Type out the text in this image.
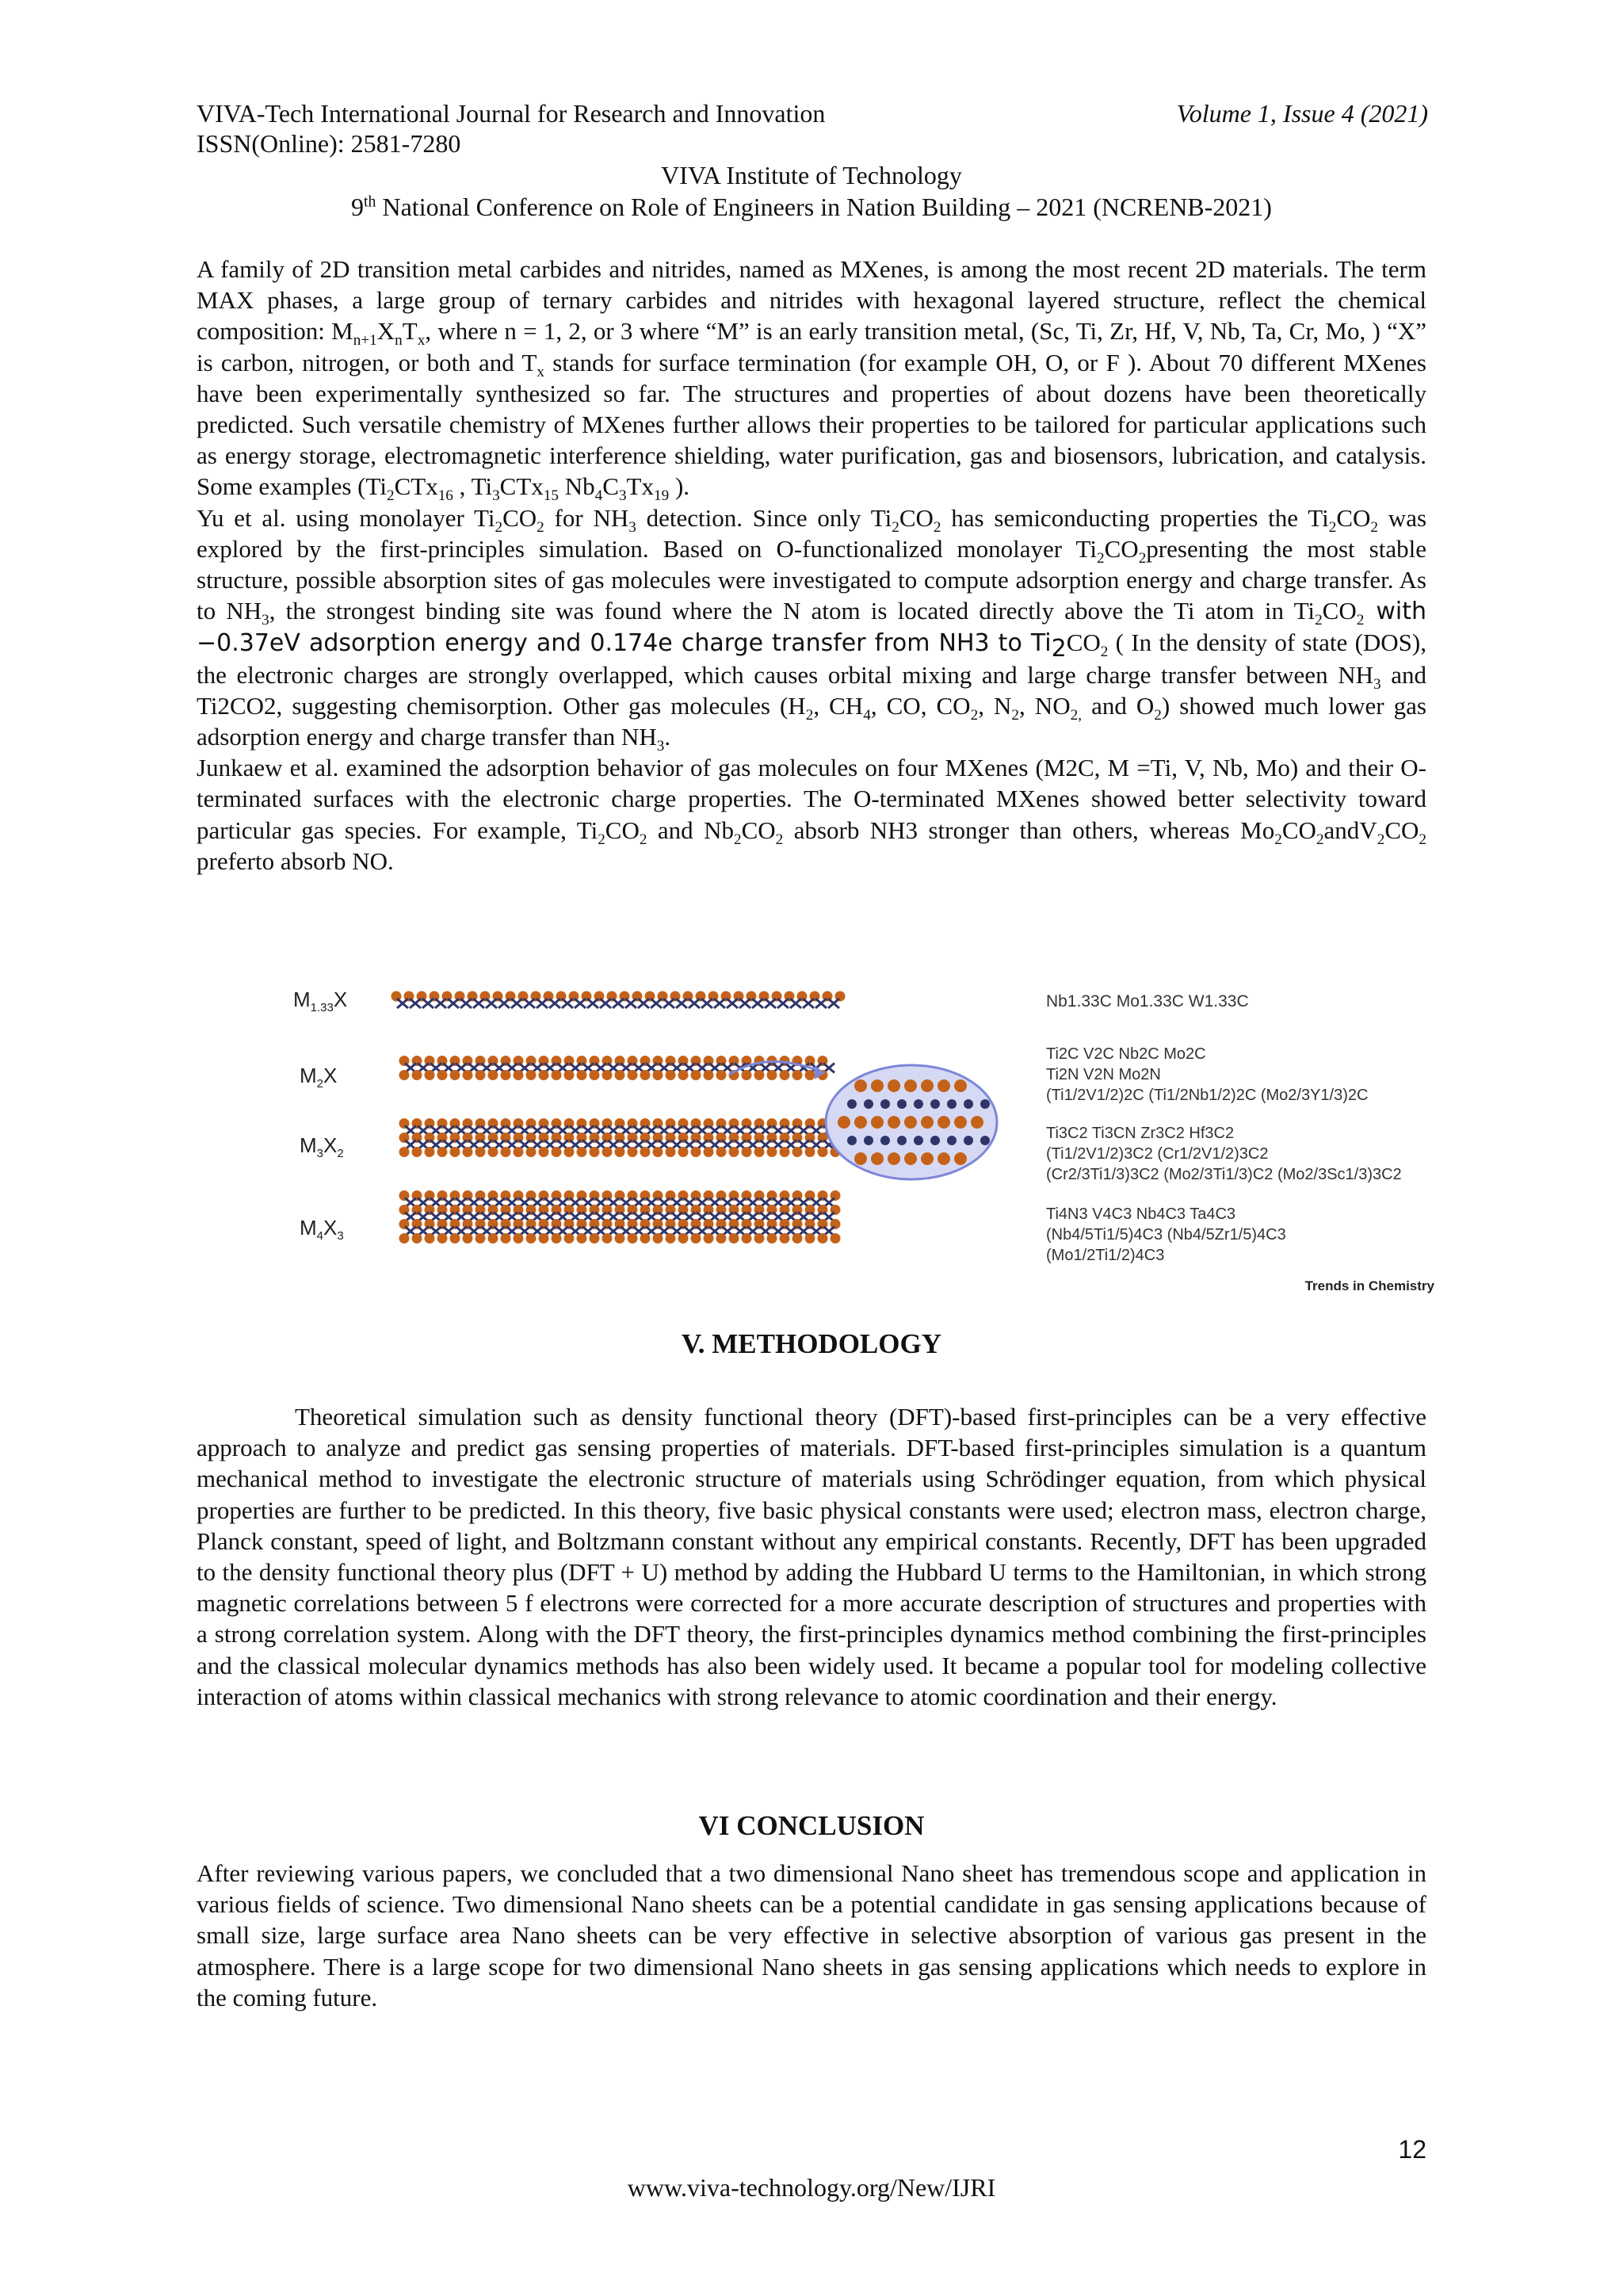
VIVA-Tech International Journal for Research and Innovation
ISSN(Online): 2581-7280
Volume 1, Issue 4 (2021)
VIVA Institute of Technology
9th National Conference on Role of Engineers in Nation Building – 2021 (NCRENB-2021)

A family of 2D transition metal carbides and nitrides, named as MXenes, is among the most recent 2D materials. The term MAX phases, a large group of ternary carbides and nitrides with hexagonal layered structure, reflect the chemical composition: $M_{n+1}X_nT_x$, where n = 1, 2, or 3 where “M” is an early transition metal, (Sc, Ti, Zr, Hf, V, Nb, Ta, Cr, Mo, ) “X” is carbon, nitrogen, or both and $T_x$ stands for surface termination (for example OH, O, or F ). About 70 different MXenes have been experimentally synthesized so far. The structures and properties of about dozens have been theoretically predicted. Such versatile chemistry of MXenes further allows their properties to be tailored for particular applications such as energy storage, electromagnetic interference shielding, water purification, gas and biosensors, lubrication, and catalysis. Some examples ($Ti_2CTx_{16}$ , $Ti_3CTx_{15}$ $Nb_4C_3Tx_{19}$ ).

Yu et al. using monolayer $Ti_2CO_2$ for $NH_3$ detection. Since only $Ti_2CO_2$ has semiconducting properties the $Ti_2CO_2$ was explored by the first-principles simulation. Based on O-functionalized monolayer $Ti_2CO_2presenting$ the most stable structure, possible absorption sites of gas molecules were investigated to compute adsorption energy and charge transfer. As to $NH_3$, the strongest binding site was found where the N atom is located directly above the Ti atom in $Ti_2CO_2$ with −0.37eV adsorption energy and 0.174e charge transfer from NH3 to $Ti_2CO_2$ ( In the density of state (DOS), the electronic charges are strongly overlapped, which causes orbital mixing and large charge transfer between $NH_3$ and Ti2CO2, suggesting chemisorption. Other gas molecules ($H_2$, $CH_4$, CO, $CO_2$, $N_2$, $NO_{2,}$ and $O_2$) showed much lower gas adsorption energy and charge transfer than $NH_3$.

Junkaew et al. examined the adsorption behavior of gas molecules on four MXenes (M2C, M =Ti, V, Nb, Mo) and their O-terminated surfaces with the electronic charge properties. The O-terminated MXenes showed better selectivity toward particular gas species. For example, $Ti_2CO_2$ and $Nb_2CO_2$ absorb NH3 stronger than others, whereas $Mo_2CO_2andV_2CO_2$ preferto absorb NO.

$M_{1.33}X$
$M_2X$
$M_3X_2$
$M_4X_3$
Nb1.33C Mo1.33C W1.33C
Ti2C V2C Nb2C Mo2C
Ti2N V2N Mo2N
(Ti1/2V1/2)2C (Ti1/2Nb1/2)2C (Mo2/3Y1/3)2C
Ti3C2 Ti3CN Zr3C2 Hf3C2
(Ti1/2V1/2)3C2 (Cr1/2V1/2)3C2
(Cr2/3Ti1/3)3C2 (Mo2/3Ti1/3)C2 (Mo2/3Sc1/3)3C2
Ti4N3 V4C3 Nb4C3 Ta4C3
(Nb4/5Ti1/5)4C3 (Nb4/5Zr1/5)4C3
(Mo1/2Ti1/2)4C3
Trends in Chemistry
V. METHODOLOGY
Theoretical simulation such as density functional theory (DFT)-based first-principles can be a very effective approach to analyze and predict gas sensing properties of materials. DFT-based first-principles simulation is a quantum mechanical method to investigate the electronic structure of materials using Schrödinger equation, from which physical properties are further to be predicted. In this theory, five basic physical constants were used; electron mass, electron charge, Planck constant, speed of light, and Boltzmann constant without any empirical constants. Recently, DFT has been upgraded to the density functional theory plus (DFT + U) method by adding the Hubbard U terms to the Hamiltonian, in which strong magnetic correlations between 5 f electrons were corrected for a more accurate description of structures and properties with a strong correlation system. Along with the DFT theory, the first-principles dynamics method combining the first-principles and the classical molecular dynamics methods has also been widely used. It became a popular tool for modeling collective interaction of atoms within classical mechanics with strong relevance to atomic coordination and their energy.
VI CONCLUSION
After reviewing various papers, we concluded that a two dimensional Nano sheet has tremendous scope and application in various fields of science. Two dimensional Nano sheets can be a potential candidate in gas sensing applications because of small size, large surface area Nano sheets can be very effective in selective absorption of various gas present in the atmosphere. There is a large scope for two dimensional Nano sheets in gas sensing applications which needs to explore in the coming future.
12
www.viva-technology.org/New/IJRI
